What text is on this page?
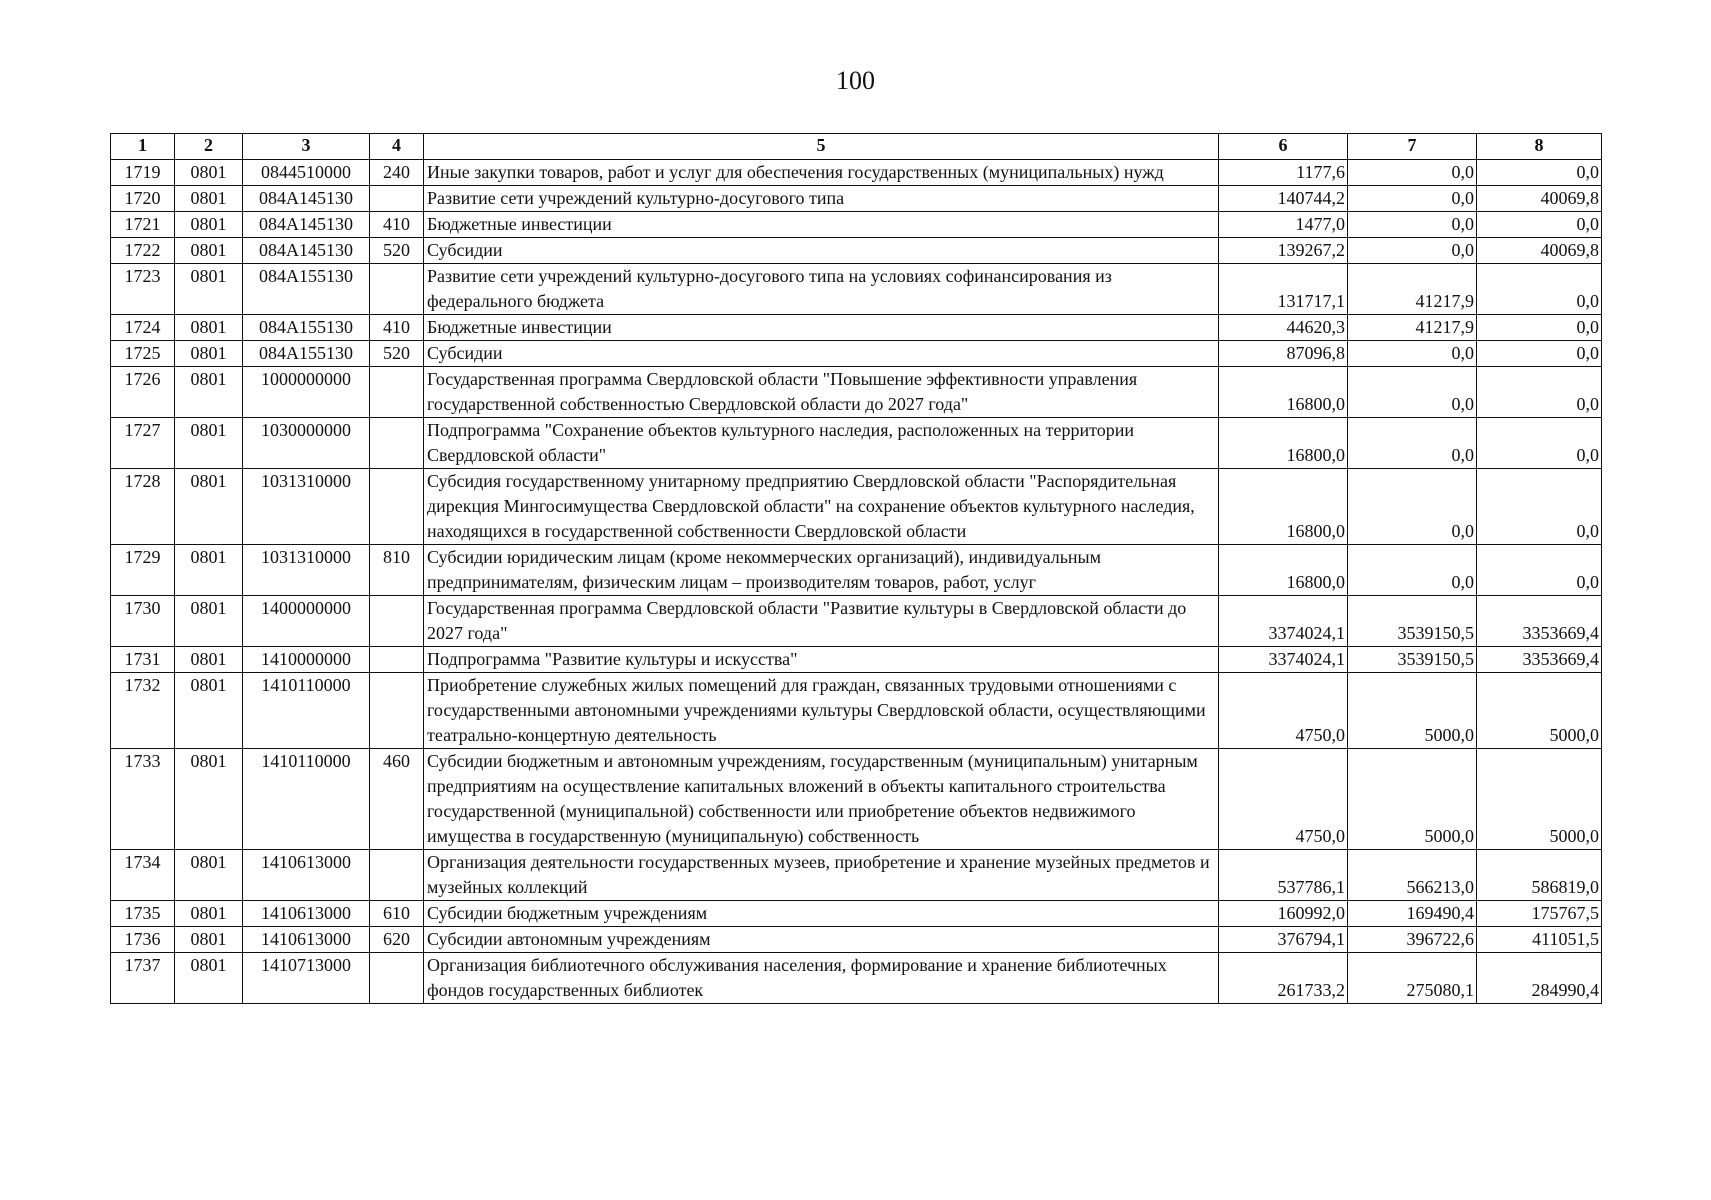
100
1	2	3	4	5	6	7	8
1719	0801	0844510000	240	Иные закупки товаров, работ и услуг для обеспечения государственных (муниципальных) нужд	1177,6	0,0	0,0
1720	0801	084A145130		Развитие сети учреждений культурно-досугового типа	140744,2	0,0	40069,8
1721	0801	084A145130	410	Бюджетные инвестиции	1477,0	0,0	0,0
1722	0801	084A145130	520	Субсидии	139267,2	0,0	40069,8
1723	0801	084A155130		Развитие сети учреждений культурно-досугового типа на условиях софинансирования из федерального бюджета	131717,1	41217,9	0,0
1724	0801	084A155130	410	Бюджетные инвестиции	44620,3	41217,9	0,0
1725	0801	084A155130	520	Субсидии	87096,8	0,0	0,0
1726	0801	1000000000		Государственная программа Свердловской области "Повышение эффективности управления государственной собственностью Свердловской области до 2027 года"	16800,0	0,0	0,0
1727	0801	1030000000		Подпрограмма "Сохранение объектов культурного наследия, расположенных на территории Свердловской области"	16800,0	0,0	0,0
1728	0801	1031310000		Субсидия государственному унитарному предприятию Свердловской области "Распорядительная дирекция Мингосимущества Свердловской области" на сохранение объектов культурного наследия, находящихся в государственной собственности Свердловской области	16800,0	0,0	0,0
1729	0801	1031310000	810	Субсидии юридическим лицам (кроме некоммерческих организаций), индивидуальным предпринимателям, физическим лицам – производителям товаров, работ, услуг	16800,0	0,0	0,0
1730	0801	1400000000		Государственная программа Свердловской области "Развитие культуры в Свердловской области до 2027 года"	3374024,1	3539150,5	3353669,4
1731	0801	1410000000		Подпрограмма "Развитие культуры и искусства"	3374024,1	3539150,5	3353669,4
1732	0801	1410110000		Приобретение служебных жилых помещений для граждан, связанных трудовыми отношениями с государственными автономными учреждениями культуры Свердловской области, осуществляющими театрально-концертную деятельность	4750,0	5000,0	5000,0
1733	0801	1410110000	460	Субсидии бюджетным и автономным учреждениям, государственным (муниципальным) унитарным предприятиям на осуществление капитальных вложений в объекты капитального строительства государственной (муниципальной) собственности или приобретение объектов недвижимого имущества в государственную (муниципальную) собственность	4750,0	5000,0	5000,0
1734	0801	1410613000		Организация деятельности государственных музеев, приобретение и хранение музейных предметов и музейных коллекций	537786,1	566213,0	586819,0
1735	0801	1410613000	610	Субсидии бюджетным учреждениям	160992,0	169490,4	175767,5
1736	0801	1410613000	620	Субсидии автономным учреждениям	376794,1	396722,6	411051,5
1737	0801	1410713000		Организация библиотечного обслуживания населения, формирование и хранение библиотечных фондов государственных библиотек	261733,2	275080,1	284990,4
